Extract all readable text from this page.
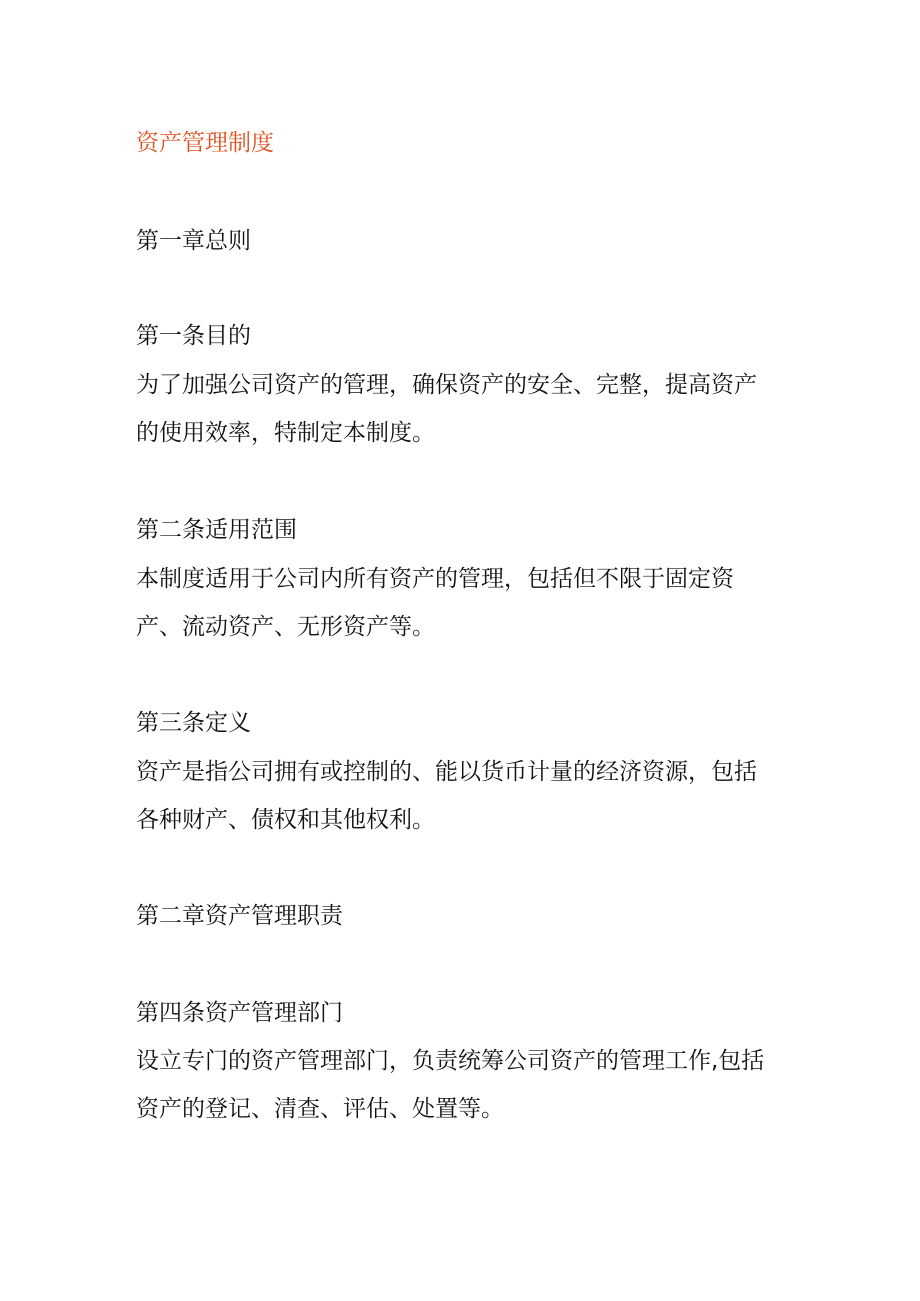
资产管理制度

第一章总则

第一条目的

为了加强公司资产的管理，确保资产的安全、完整，提高资产

的使用效率，特制定本制度。

第二条适用范围

本制度适用于公司内所有资产的管理，包括但不限于固定资

产、流动资产、无形资产等。

第三条定义

资产是指公司拥有或控制的、能以货币计量的经济资源，包括

各种财产、债权和其他权利。

第二章资产管理职责

第四条资产管理部门

设立专门的资产管理部门，负责统筹公司资产的管理工作,包括

资产的登记、清查、评估、处置等。
